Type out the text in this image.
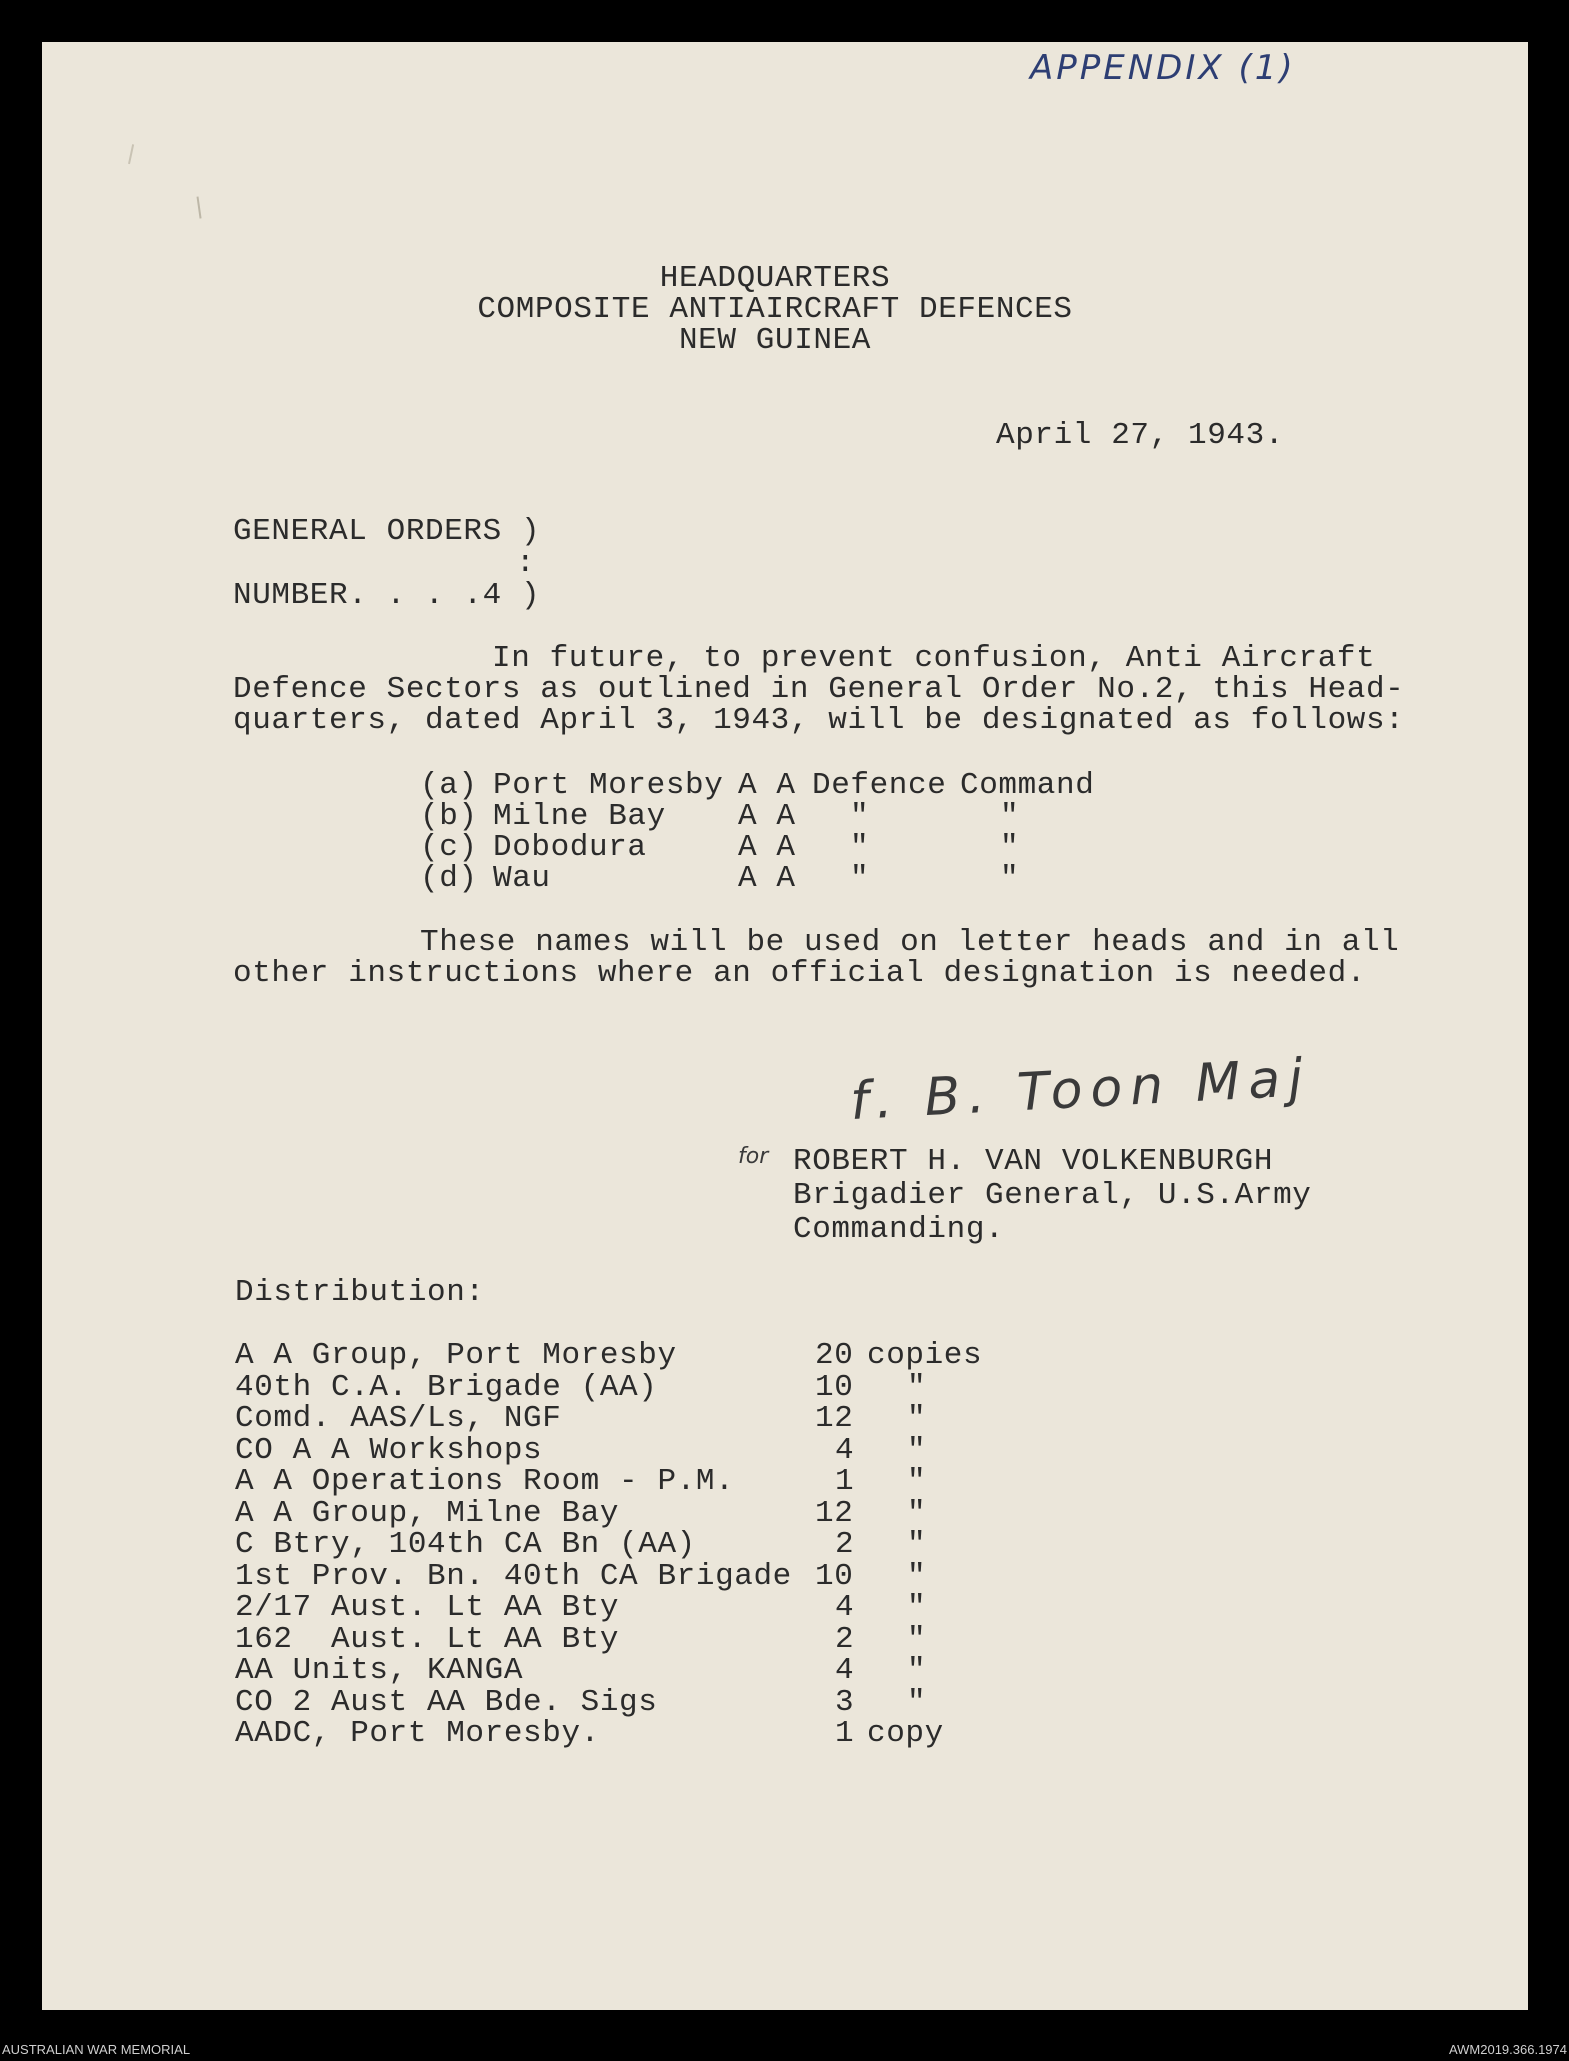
APPENDIX (1)
HEADQUARTERS
COMPOSITE ANTIAIRCRAFT DEFENCES
NEW GUINEA
April 27, 1943.
GENERAL ORDERS )
:
NUMBER. . . .4 )
In future, to prevent confusion, Anti Aircraft
Defence Sectors as outlined in General Order No.2, this Head-
quarters, dated April 3, 1943, will be designated as follows:
(a) Port Moresby A A Defence Command
(b) Milne Bay A A "	"
(c) Dobodura	A A "	"
(d) Wau	A A "	"
These names will be used on letter heads and in all
other instructions where an official designation is needed.
f. B. Toon Maj
for ROBERT H. VAN VOLKENBURGH
Brigadier General, U.S.Army
Commanding.
Distribution:
A A Group, Port Moresby	20 copies
40th C.A. Brigade (AA)	10 "
Comd. AAS/Ls, NGF	12 "
CO A A Workshops	4 "
A A Operations Room - P.M.	1 "
A A Group, Milne Bay	12 "
C Btry, 104th CA Bn (AA)	2 "
1st Prov. Bn. 40th CA Brigade 10 "
2/17 Aust. Lt AA Bty	4 "
162  Aust. Lt AA Bty	2 "
AA Units, KANGA	4 "
CO 2 Aust AA Bde. Sigs	3 "
AADC, Port Moresby.	1 copy
AUSTRALIAN WAR MEMORIAL	AWM2019.366.1974
